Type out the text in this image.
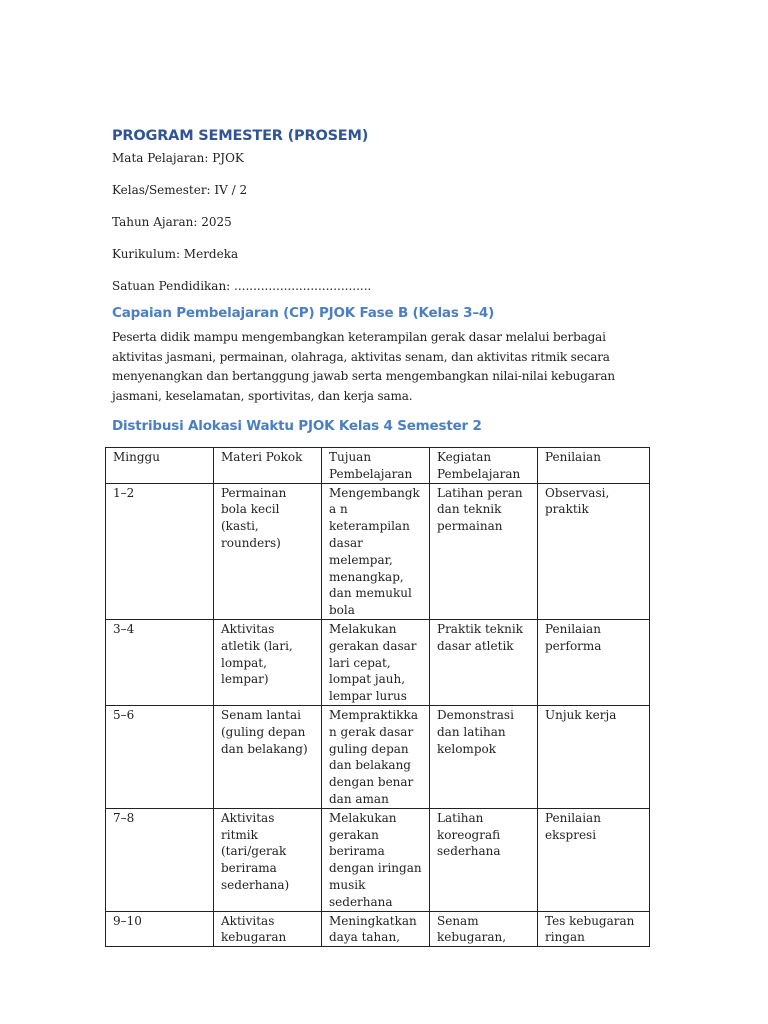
PROGRAM SEMESTER (PROSEM)

Mata Pelajaran: PJOK

Kelas/Semester: IV / 2

Tahun Ajaran: 2025

Kurikulum: Merdeka

Satuan Pendidikan: ....................................

Capaian Pembelajaran (CP) PJOK Fase B (Kelas 3–4)

Peserta didik mampu mengembangkan keterampilan gerak dasar melalui berbagai aktivitas jasmani, permainan, olahraga, aktivitas senam, dan aktivitas ritmik secara menyenangkan dan bertanggung jawab serta mengembangkan nilai-nilai kebugaran jasmani, keselamatan, sportivitas, dan kerja sama.

Distribusi Alokasi Waktu PJOK Kelas 4 Semester 2
Minggu	Materi Pokok	Tujuan Pembelajaran	Kegiatan Pembelajaran	Penilaian
1–2	Permainan bola kecil (kasti, rounders)	Mengembangka n keterampilan dasar melempar, menangkap, dan memukul bola	Latihan peran dan teknik permainan	Observasi, praktik
3–4	Aktivitas atletik (lari, lompat, lempar)	Melakukan gerakan dasar lari cepat, lompat jauh, lempar lurus	Praktik teknik dasar atletik	Penilaian performa
5–6	Senam lantai (guling depan dan belakang)	Mempraktikkan gerak dasar guling depan dan belakang dengan benar dan aman	Demonstrasi dan latihan kelompok	Unjuk kerja
7–8	Aktivitas ritmik (tari/gerak berirama sederhana)	Melakukan gerakan berirama dengan iringan musik sederhana	Latihan koreografi sederhana	Penilaian ekspresi
9–10	Aktivitas kebugaran	Meningkatkan daya tahan,	Senam kebugaran,	Tes kebugaran ringan
